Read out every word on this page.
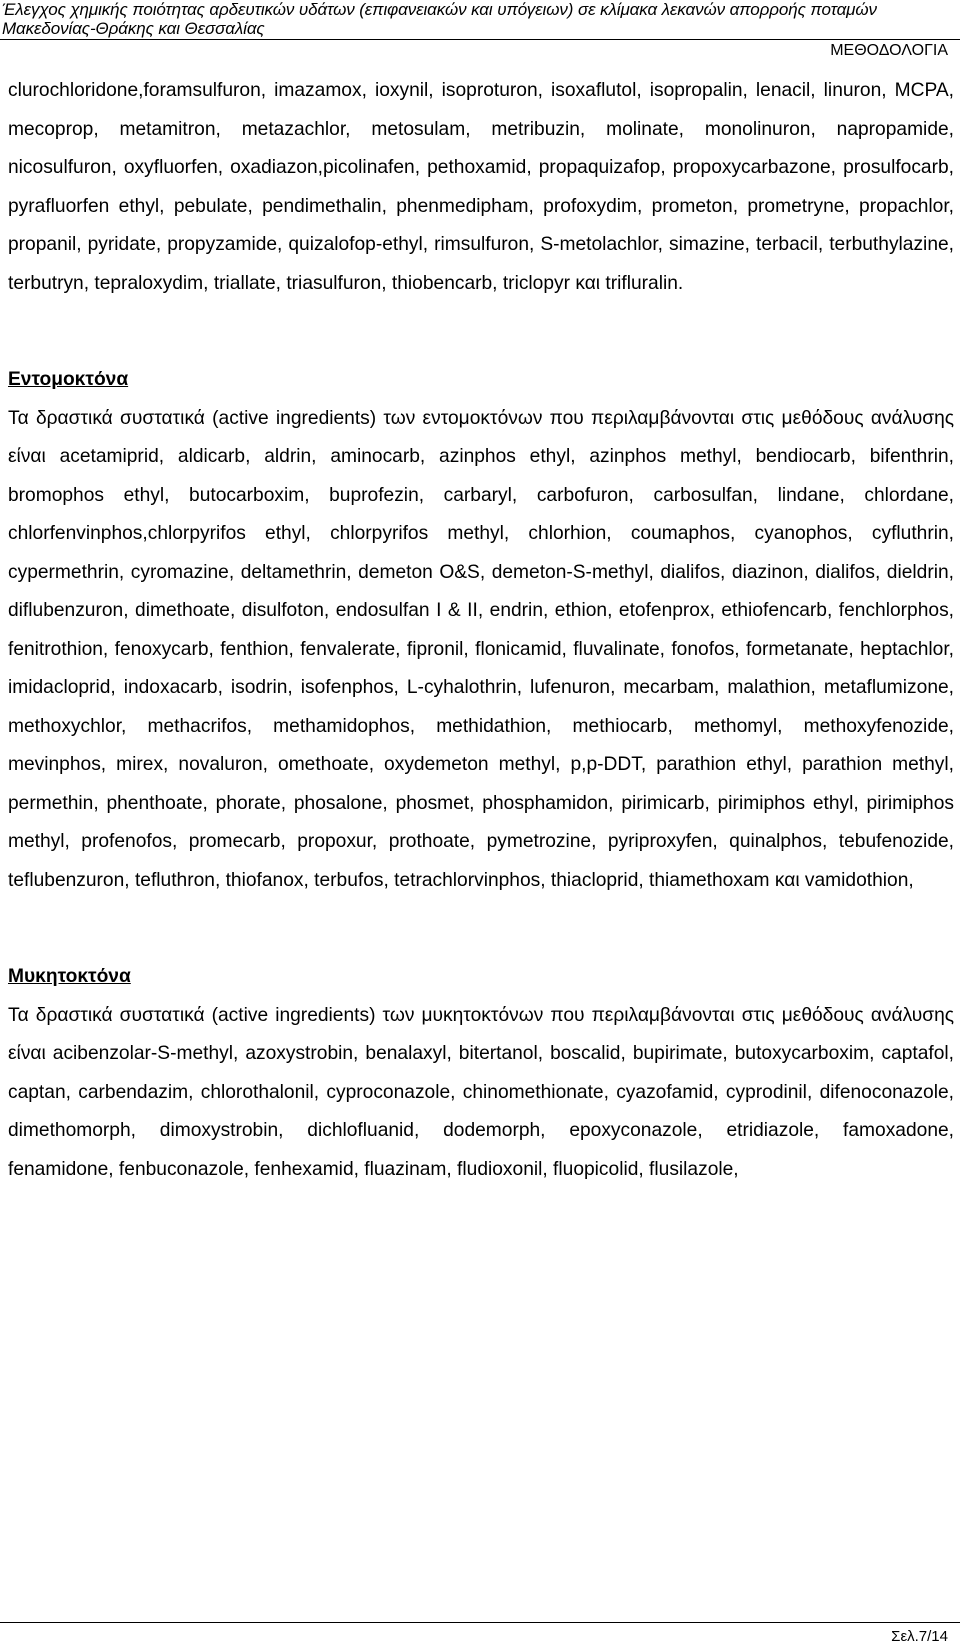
Έλεγχος χημικής ποιότητας αρδευτικών υδάτων (επιφανειακών και υπόγειων) σε κλίμακα λεκανών απορροής ποταμών
Μακεδονίας-Θράκης και Θεσσαλίας
ΜΕΘΟΔΟΛΟΓΙΑ

clurochloridone,foramsulfuron, imazamox, ioxynil, isoproturon, isoxaflutol, isopropalin, lenacil, linuron, MCPA, mecoprop, metamitron, metazachlor, metosulam, metribuzin, molinate, monolinuron, napropamide, nicosulfuron, oxyfluorfen, oxadiazon,picolinafen, pethoxamid, propaquizafop, propoxycarbazone, prosulfocarb, pyrafluorfen ethyl, pebulate, pendimethalin, phenmedipham, profoxydim, prometon, prometryne, propachlor, propanil, pyridate, propyzamide, quizalofop-ethyl, rimsulfuron, S-metolachlor, simazine, terbacil, terbuthylazine, terbutryn, tepraloxydim, triallate, triasulfuron, thiobencarb, triclopyr και trifluralin.

Εντομοκτόνα

Τα δραστικά συστατικά (active ingredients) των εντομοκτόνων που περιλαμβάνονται στις μεθόδους ανάλυσης είναι acetamiprid, aldicarb, aldrin, aminocarb, azinphos ethyl, azinphos methyl, bendiocarb, bifenthrin, bromophos ethyl, butocarboxim, buprofezin, carbaryl, carbofuron, carbosulfan, lindane, chlordane, chlorfenvinphos,chlorpyrifos ethyl, chlorpyrifos methyl, chlorhion, coumaphos, cyanophos, cyfluthrin, cypermethrin, cyromazine, deltamethrin, demeton O&S, demeton-S-methyl, dialifos, diazinon, dialifos, dieldrin, diflubenzuron, dimethoate, disulfoton, endosulfan I & II, endrin, ethion, etofenprox, ethiofencarb, fenchlorphos, fenitrothion, fenoxycarb, fenthion, fenvalerate, fipronil, flonicamid, fluvalinate, fonofos, formetanate, heptachlor, imidacloprid, indoxacarb, isodrin, isofenphos, L-cyhalothrin, lufenuron, mecarbam, malathion, metaflumizone, methoxychlor, methacrifos, methamidophos, methidathion, methiocarb, methomyl, methoxyfenozide, mevinphos, mirex, novaluron, omethoate, oxydemeton methyl, p,p-DDT, parathion ethyl, parathion methyl, permethin, phenthoate, phorate, phosalone, phosmet, phosphamidon, pirimicarb, pirimiphos ethyl, pirimiphos methyl, profenofos, promecarb, propoxur, prothoate, pymetrozine, pyriproxyfen, quinalphos, tebufenozide, teflubenzuron, tefluthron, thiofanox, terbufos, tetrachlorvinphos, thiacloprid, thiamethoxam και vamidothion,

Μυκητοκτόνα

Τα δραστικά συστατικά (active ingredients) των μυκητοκτόνων που περιλαμβάνονται στις μεθόδους ανάλυσης είναι acibenzolar-S-methyl, azoxystrobin, benalaxyl, bitertanol, boscalid, bupirimate, butoxycarboxim, captafol, captan, carbendazim, chlorothalonil, cyproconazole, chinomethionate, cyazofamid, cyprodinil, difenoconazole, dimethomorph, dimoxystrobin, dichlofluanid, dodemorph, epoxyconazole, etridiazole, famoxadone, fenamidone, fenbuconazole, fenhexamid, fluazinam, fludioxonil, fluopicolid, flusilazole,

Σελ.7/14
